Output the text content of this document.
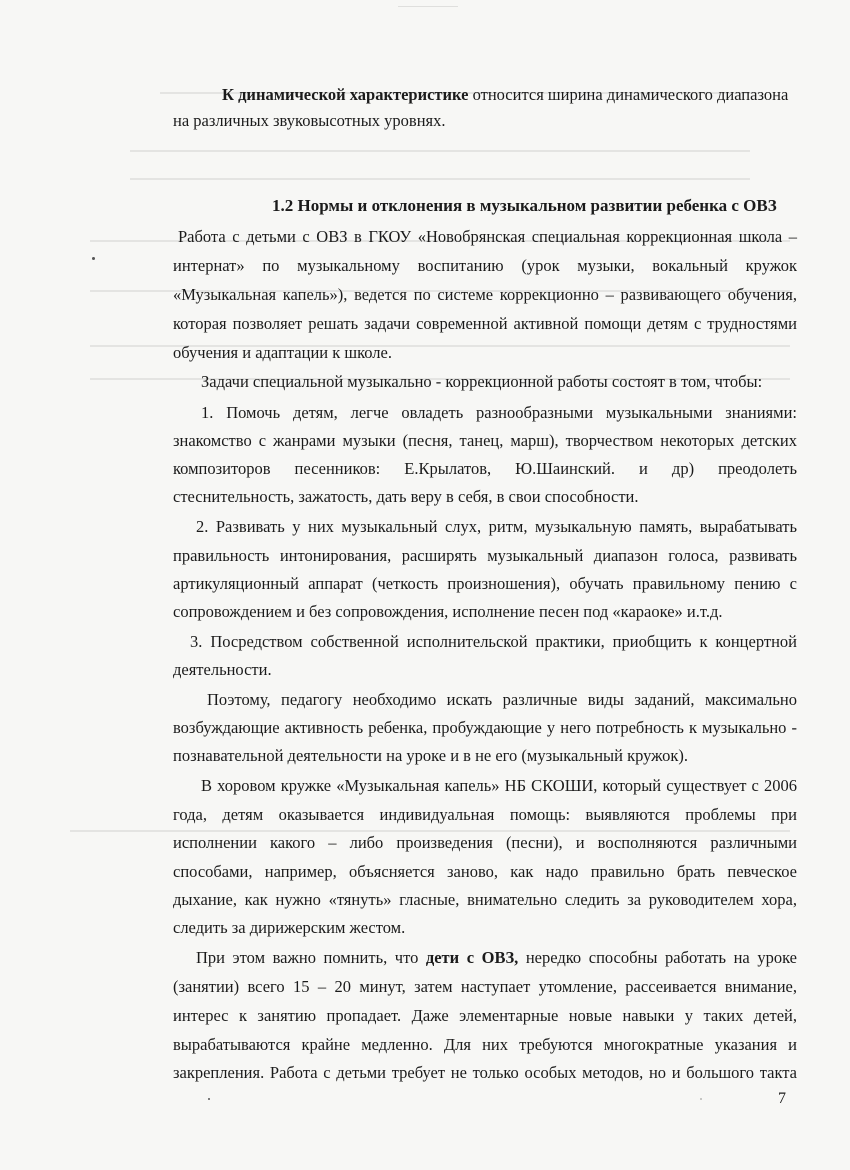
К динамической характеристике относится ширина динамического диапазона
на различных звуковысотных уровнях.
1.2 Нормы и отклонения в музыкальном развитии ребенка с ОВЗ
Работа с детьми с ОВЗ в ГКОУ «Новобрянская специальная коррекционная школа –
интернат» по музыкальному воспитанию (урок музыки, вокальный кружок
«Музыкальная капель»), ведется по системе коррекционно – развивающего обучения,
которая позволяет решать задачи современной активной помощи детям с трудностями
обучения и адаптации к школе.
Задачи специальной музыкально - коррекционной работы состоят в том, чтобы:
1. Помочь детям, легче овладеть разнообразными музыкальными знаниями:
знакомство с жанрами музыки (песня, танец, марш), творчеством некоторых детских
композиторов песенников: Е.Крылатов, Ю.Шаинский. и др) преодолеть
стеснительность, зажатость, дать веру в себя, в свои способности.
2. Развивать у них музыкальный слух, ритм, музыкальную память, вырабатывать
правильность интонирования, расширять музыкальный диапазон голоса, развивать
артикуляционный аппарат (четкость произношения), обучать правильному пению с
сопровождением и без сопровождения, исполнение песен под «караоке» и.т.д.
3. Посредством собственной исполнительской практики, приобщить к концертной
деятельности.
Поэтому, педагогу необходимо искать различные виды заданий, максимально
возбуждающие активность ребенка, пробуждающие у него потребность к музыкально -
познавательной деятельности на уроке и в не его (музыкальный кружок).
В хоровом кружке «Музыкальная капель» НБ СКОШИ, который существует с 2006
года, детям оказывается индивидуальная помощь: выявляются проблемы при
исполнении какого – либо произведения (песни), и восполняются различными
способами, например, объясняется заново, как надо правильно брать певческое
дыхание, как нужно «тянуть» гласные, внимательно следить за руководителем хора,
следить за дирижерским жестом.
При этом важно помнить, что дети с ОВЗ, нередко способны работать на уроке
(занятии) всего 15 – 20 минут, затем наступает утомление, рассеивается внимание,
интерес к занятию пропадает. Даже элементарные новые навыки у таких детей,
вырабатываются крайне медленно. Для них требуются многократные указания и
закрепления. Работа с детьми требует не только особых методов, но и большого такта
7
